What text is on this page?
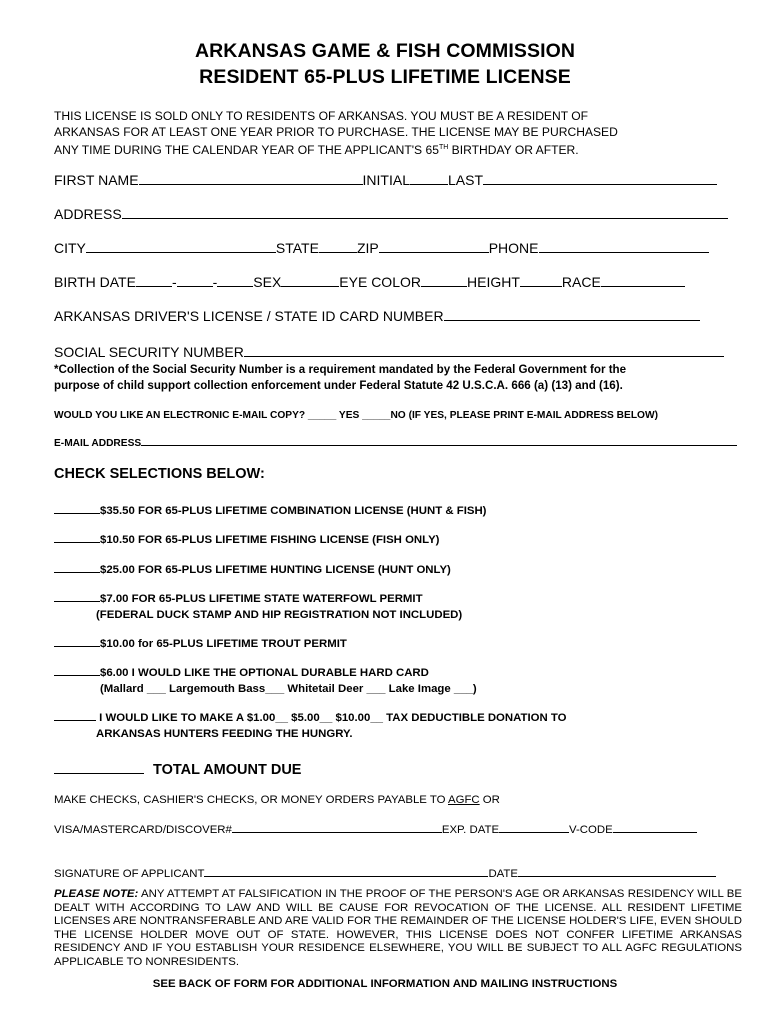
ARKANSAS GAME & FISH COMMISSION
RESIDENT 65-PLUS LIFETIME LICENSE
THIS LICENSE IS SOLD ONLY TO RESIDENTS OF ARKANSAS. YOU MUST BE A RESIDENT OF
ARKANSAS FOR AT LEAST ONE YEAR PRIOR TO PURCHASE. THE LICENSE MAY BE PURCHASED
ANY TIME DURING THE CALENDAR YEAR OF THE APPLICANT'S 65TH BIRTHDAY OR AFTER.
FIRST NAME	INITIAL	LAST
ADDRESS
CITY	STATE	ZIP	PHONE
BIRTH DATE	-	-	SEX	EYE COLOR	HEIGHT	RACE
ARKANSAS DRIVER'S LICENSE / STATE ID CARD NUMBER
SOCIAL SECURITY NUMBER
*Collection of the Social Security Number is a requirement mandated by the Federal Government for the
purpose of child support collection enforcement under Federal Statute 42 U.S.C.A. 666 (a) (13) and (16).
WOULD YOU LIKE AN ELECTRONIC E-MAIL COPY? _____ YES _____NO (IF YES, PLEASE PRINT E-MAIL ADDRESS BELOW)
E-MAIL ADDRESS
CHECK SELECTIONS BELOW:
$35.50 FOR 65-PLUS LIFETIME COMBINATION LICENSE (HUNT & FISH)
$10.50 FOR 65-PLUS LIFETIME FISHING LICENSE (FISH ONLY)
$25.00 FOR 65-PLUS LIFETIME HUNTING LICENSE (HUNT ONLY)
$7.00 FOR 65-PLUS LIFETIME STATE WATERFOWL PERMIT
(FEDERAL DUCK STAMP AND HIP REGISTRATION NOT INCLUDED)
$10.00 for 65-PLUS LIFETIME TROUT PERMIT
$6.00 I WOULD LIKE THE OPTIONAL DURABLE HARD CARD
(Mallard ___ Largemouth Bass___ Whitetail Deer ___ Lake Image ___)
I WOULD LIKE TO MAKE A $1.00__ $5.00__ $10.00__ TAX DEDUCTIBLE DONATION TO
ARKANSAS HUNTERS FEEDING THE HUNGRY.
TOTAL AMOUNT DUE
MAKE CHECKS, CASHIER'S CHECKS, OR MONEY ORDERS PAYABLE TO AGFC OR
VISA/MASTERCARD/DISCOVER#	EXP. DATE	V-CODE
SIGNATURE OF APPLICANT	DATE
PLEASE NOTE: ANY ATTEMPT AT FALSIFICATION IN THE PROOF OF THE PERSON'S AGE OR ARKANSAS RESIDENCY WILL BE DEALT WITH ACCORDING TO LAW AND WILL BE CAUSE FOR REVOCATION OF THE LICENSE. ALL RESIDENT LIFETIME LICENSES ARE NONTRANSFERABLE AND ARE VALID FOR THE REMAINDER OF THE LICENSE HOLDER'S LIFE, EVEN SHOULD THE LICENSE HOLDER MOVE OUT OF STATE. HOWEVER, THIS LICENSE DOES NOT CONFER LIFETIME ARKANSAS RESIDENCY AND IF YOU ESTABLISH YOUR RESIDENCE ELSEWHERE, YOU WILL BE SUBJECT TO ALL AGFC REGULATIONS APPLICABLE TO NONRESIDENTS.
SEE BACK OF FORM FOR ADDITIONAL INFORMATION AND MAILING INSTRUCTIONS
